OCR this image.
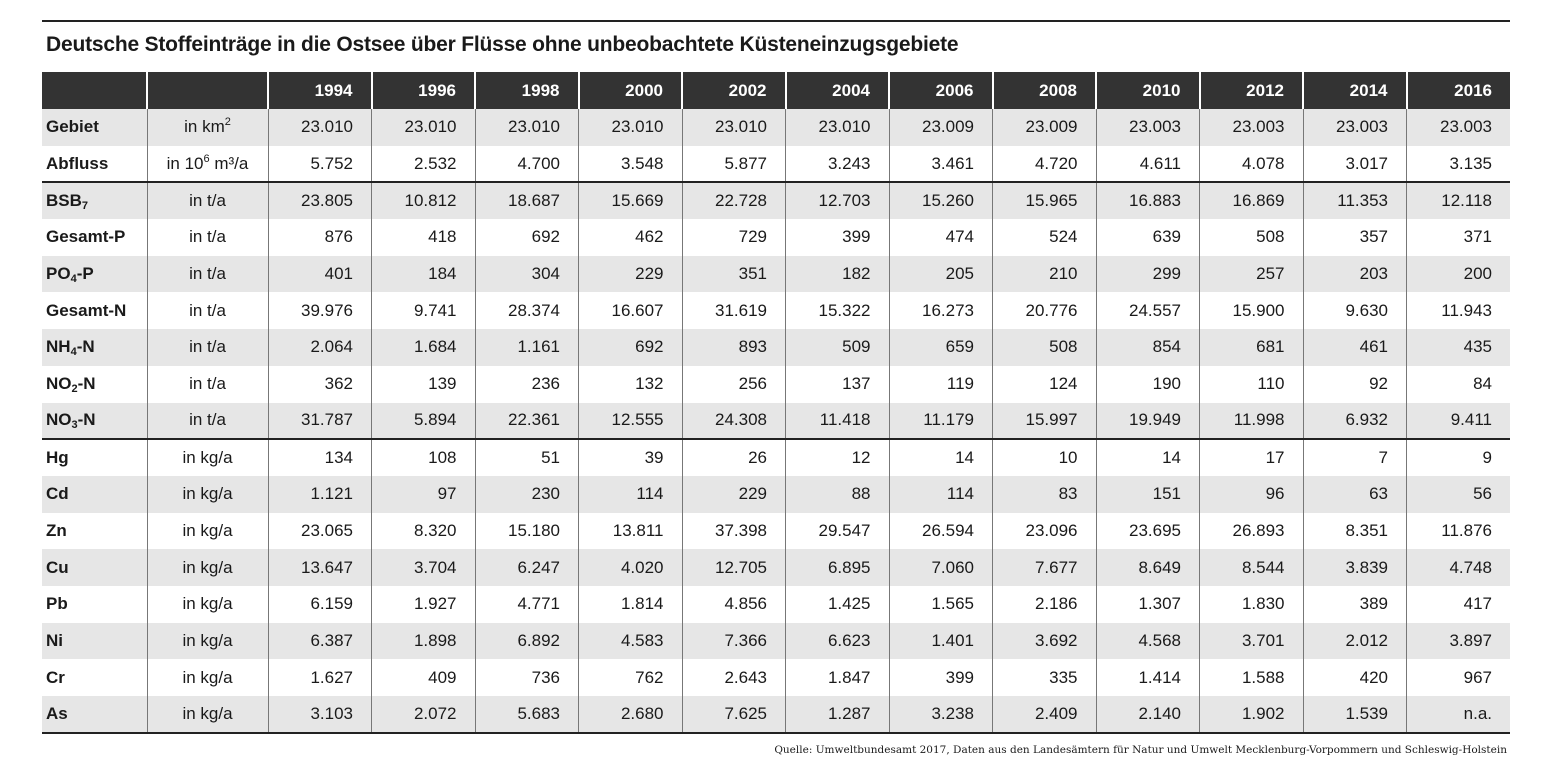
Deutsche Stoffeinträge in die Ostsee über Flüsse ohne unbeobachtete Küsteneinzugsgebiete
		1994	1996	1998	2000	2002	2004	2006	2008	2010	2012	2014	2016
Gebiet	in $km^2$	23.010	23.010	23.010	23.010	23.010	23.010	23.009	23.009	23.003	23.003	23.003	23.003
Abfluss	in $10^6$ m³/a	5.752	2.532	4.700	3.548	5.877	3.243	3.461	4.720	4.611	4.078	3.017	3.135
$BSB_7$	in t/a	23.805	10.812	18.687	15.669	22.728	12.703	15.260	15.965	16.883	16.869	11.353	12.118
Gesamt-P	in t/a	876	418	692	462	729	399	474	524	639	508	357	371
$PO_4-P$	in t/a	401	184	304	229	351	182	205	210	299	257	203	200
Gesamt-N	in t/a	39.976	9.741	28.374	16.607	31.619	15.322	16.273	20.776	24.557	15.900	9.630	11.943
$NH_4-N$	in t/a	2.064	1.684	1.161	692	893	509	659	508	854	681	461	435
$NO_2-N$	in t/a	362	139	236	132	256	137	119	124	190	110	92	84
$NO_3-N$	in t/a	31.787	5.894	22.361	12.555	24.308	11.418	11.179	15.997	19.949	11.998	6.932	9.411
Hg	in kg/a	134	108	51	39	26	12	14	10	14	17	7	9
Cd	in kg/a	1.121	97	230	114	229	88	114	83	151	96	63	56
Zn	in kg/a	23.065	8.320	15.180	13.811	37.398	29.547	26.594	23.096	23.695	26.893	8.351	11.876
Cu	in kg/a	13.647	3.704	6.247	4.020	12.705	6.895	7.060	7.677	8.649	8.544	3.839	4.748
Pb	in kg/a	6.159	1.927	4.771	1.814	4.856	1.425	1.565	2.186	1.307	1.830	389	417
Ni	in kg/a	6.387	1.898	6.892	4.583	7.366	6.623	1.401	3.692	4.568	3.701	2.012	3.897
Cr	in kg/a	1.627	409	736	762	2.643	1.847	399	335	1.414	1.588	420	967
As	in kg/a	3.103	2.072	5.683	2.680	7.625	1.287	3.238	2.409	2.140	1.902	1.539	n.a.
Quelle: Umweltbundesamt 2017, Daten aus den Landesämtern für Natur und Umwelt Mecklenburg-Vorpommern und Schleswig-Holstein
